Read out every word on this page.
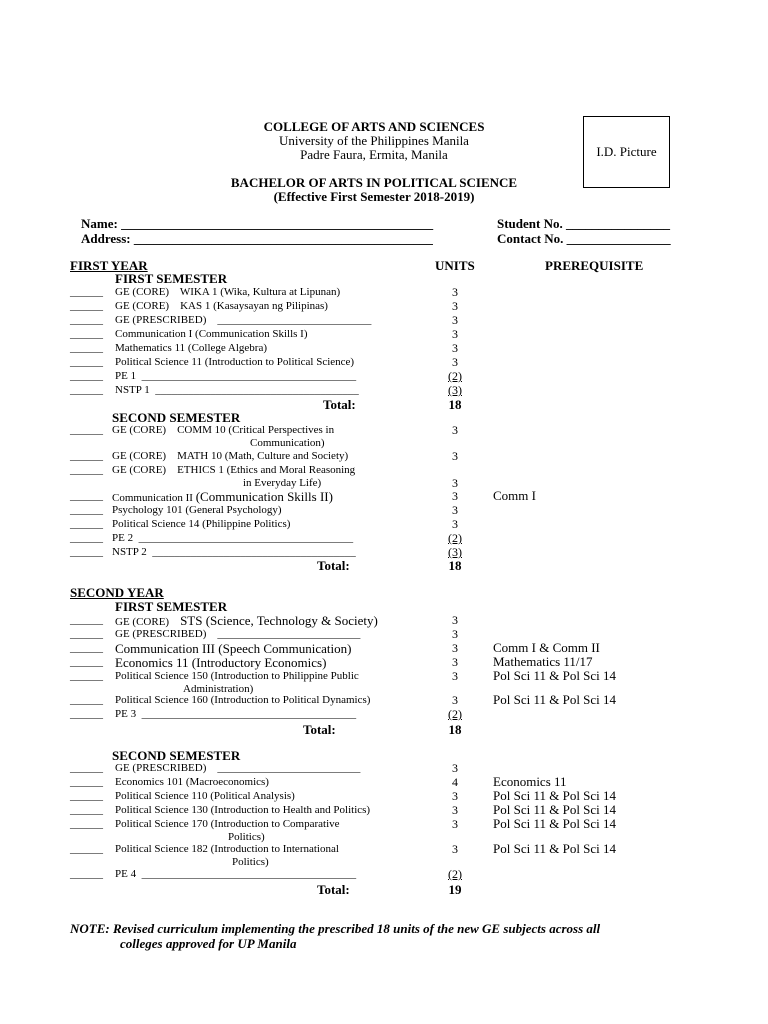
COLLEGE OF ARTS AND SCIENCES
University of the Philippines Manila
Padre Faura, Ermita, Manila
BACHELOR OF ARTS IN POLITICAL SCIENCE
(Effective First Semester 2018-2019)
I.D. Picture
Name: ________________________________________________
Address: ______________________________________________
Student No. ________________
Contact No. ________________
FIRST YEAR	UNITS	PREREQUISITE
FIRST SEMESTER
______ GE (CORE)    WIKA 1 (Wika, Kultura at Lipunan)	3
______ GE (CORE)    KAS 1 (Kasaysayan ng Pilipinas)	3
______ GE (PRESCRIBED)    ____________________________	3
______ Communication I (Communication Skills I)	3
______ Mathematics 11 (College Algebra)	3
______ Political Science 11 (Introduction to Political Science)	3
______ PE 1  _______________________________________	(2)
______ NSTP 1  _____________________________________	(3)
Total:	18
SECOND SEMESTER
______ GE (CORE)    COMM 10 (Critical Perspectives in
Communication)
3
______ GE (CORE)    MATH 10 (Math, Culture and Society)	3
______ GE (CORE)    ETHICS 1 (Ethics and Moral Reasoning
in Everyday Life)	3
______ Communication II (Communication Skills II)	3	Comm I
______ Psychology 101 (General Psychology)	3
______ Political Science 14 (Philippine Politics)	3
______ PE 2  _______________________________________	(2)
______ NSTP 2  _____________________________________	(3)
Total:	18
SECOND YEAR
FIRST SEMESTER
______ GE (CORE)    STS (Science, Technology & Society)	3
______ GE (PRESCRIBED)    __________________________	3
______ Communication III (Speech Communication)	3	Comm I & Comm II
______ Economics 11 (Introductory Economics)	3	Mathematics 11/17
______ Political Science 150 (Introduction to Philippine Public
Administration)
3	Pol Sci 11 & Pol Sci 14
______ Political Science 160 (Introduction to Political Dynamics)	3	Pol Sci 11 & Pol Sci 14
______ PE 3  _______________________________________	(2)
Total:	18
SECOND SEMESTER
______ GE (PRESCRIBED)    __________________________	3
______ Economics 101 (Macroeconomics)	4	Economics 11
______ Political Science 110 (Political Analysis)	3	Pol Sci 11 & Pol Sci 14
______ Political Science 130 (Introduction to Health and Politics)	3	Pol Sci 11 & Pol Sci 14
______ Political Science 170 (Introduction to Comparative
Politics)
3	Pol Sci 11 & Pol Sci 14
______ Political Science 182 (Introduction to International
Politics)
3	Pol Sci 11 & Pol Sci 14
______ PE 4  _______________________________________	(2)
Total:	19
NOTE: Revised curriculum implementing the prescribed 18 units of the new GE subjects across all
colleges approved for UP Manila
